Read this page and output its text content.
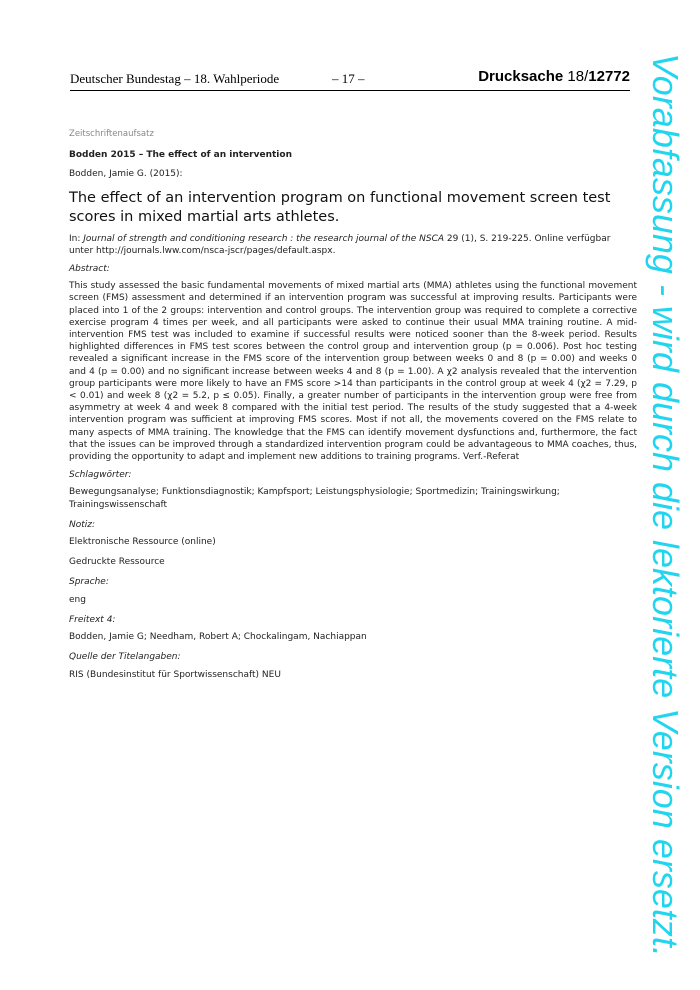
Deutscher Bundestag – 18. Wahlperiode	– 17 –	Drucksache 18/12772
Zeitschriftenaufsatz
Bodden 2015 – The effect of an intervention
Bodden, Jamie G. (2015):
The effect of an intervention program on functional movement screen test scores in mixed martial arts athletes.
In: Journal of strength and conditioning research : the research journal of the NSCA 29 (1), S. 219-225. Online verfügbar unter http://journals.lww.com/nsca-jscr/pages/default.aspx.
Abstract:
This study assessed the basic fundamental movements of mixed martial arts (MMA) athletes using the functional movement screen (FMS) assessment and determined if an intervention program was successful at improving results. Participants were placed into 1 of the 2 groups: intervention and control groups. The intervention group was required to complete a corrective exercise program 4 times per week, and all participants were asked to continue their usual MMA training routine. A mid-intervention FMS test was included to examine if successful results were noticed sooner than the 8-week period. Results highlighted differences in FMS test scores between the control group and intervention group (p = 0.006). Post hoc testing revealed a significant increase in the FMS score of the intervention group between weeks 0 and 8 (p = 0.00) and weeks 0 and 4 (p = 0.00) and no significant increase between weeks 4 and 8 (p = 1.00). A χ2 analysis revealed that the intervention group participants were more likely to have an FMS score >14 than participants in the control group at week 4 (χ2 = 7.29, p < 0.01) and week 8 (χ2 = 5.2, p ≤ 0.05). Finally, a greater number of participants in the intervention group were free from asymmetry at week 4 and week 8 compared with the initial test period. The results of the study suggested that a 4-week intervention program was sufficient at improving FMS scores. Most if not all, the movements covered on the FMS relate to many aspects of MMA training. The knowledge that the FMS can identify movement dysfunctions and, furthermore, the fact that the issues can be improved through a standardized intervention program could be advantageous to MMA coaches, thus, providing the opportunity to adapt and implement new additions to training programs. Verf.-Referat
Schlagwörter:
Bewegungsanalyse; Funktionsdiagnostik; Kampfsport; Leistungsphysiologie; Sportmedizin; Trainingswirkung; Trainingswissenschaft
Notiz:
Elektronische Ressource (online)
Gedruckte Ressource
Sprache:
eng
Freitext 4:
Bodden, Jamie G; Needham, Robert A; Chockalingam, Nachiappan
Quelle der Titelangaben:
RIS (Bundesinstitut für Sportwissenschaft) NEU	Vorabfassung - wird durch die lektorierte Version ersetzt.
